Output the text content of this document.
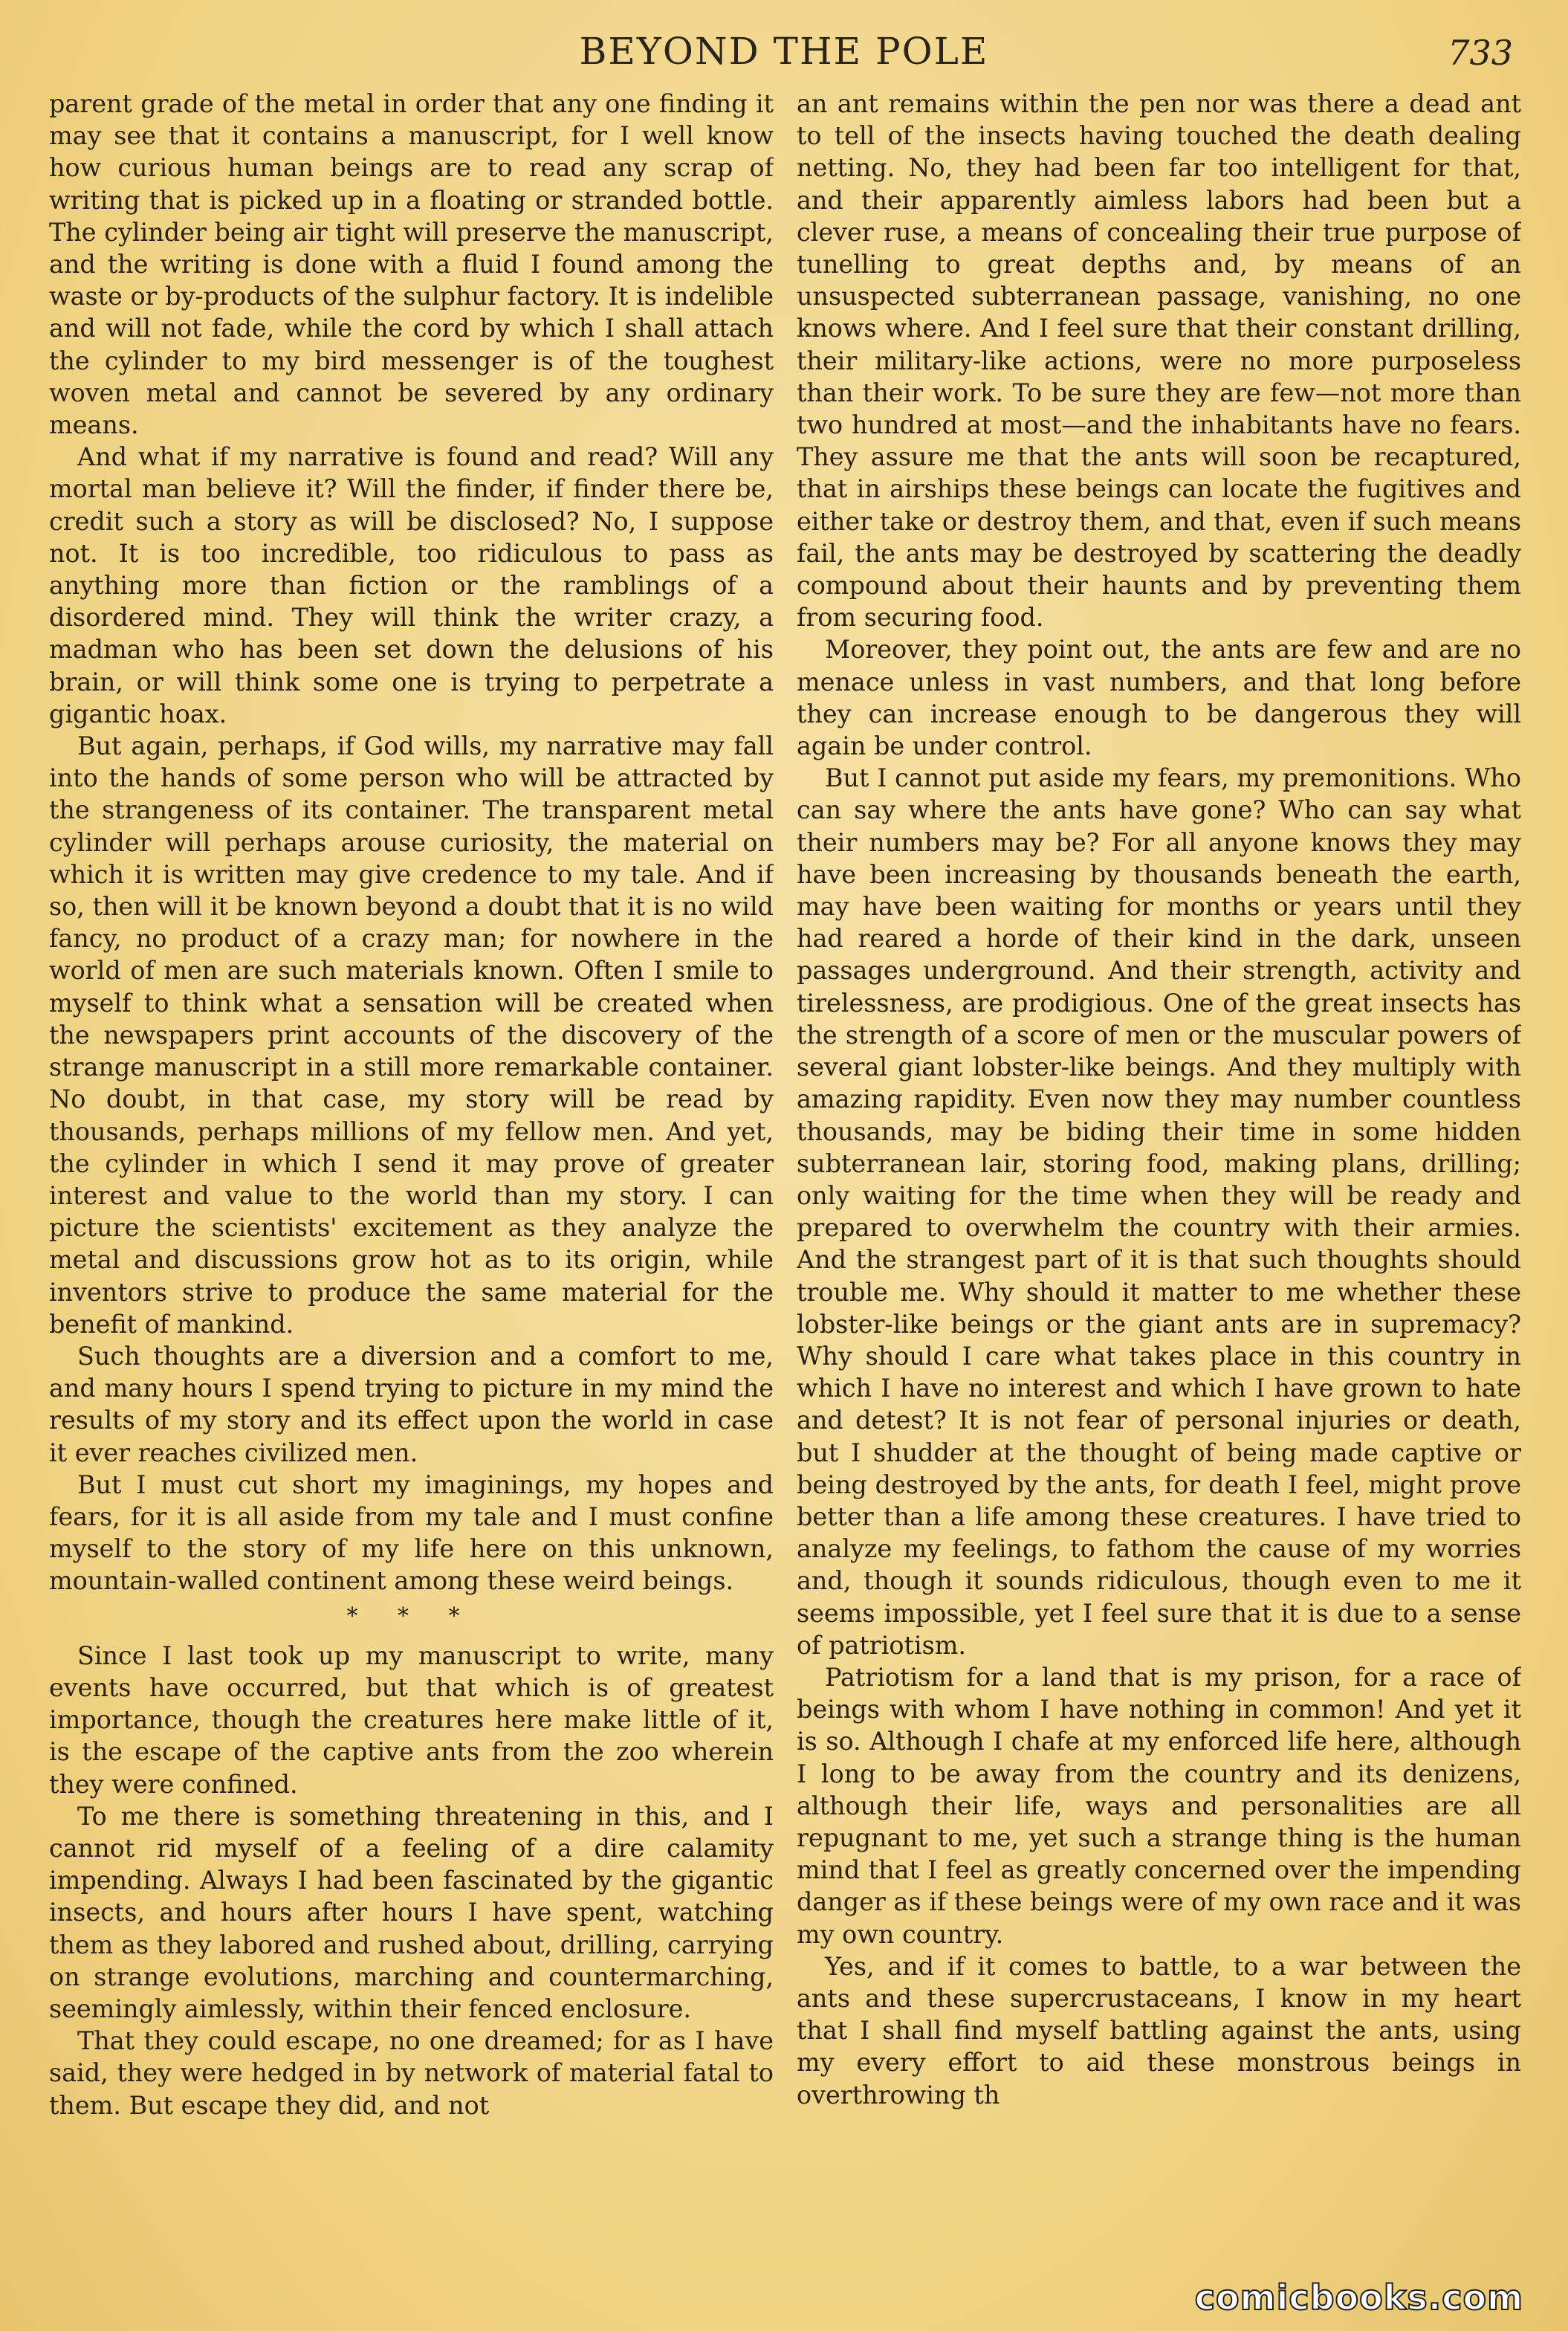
BEYOND THE POLE	733

parent grade of the metal in order that any one finding it may see that it contains a manuscript, for I well know how curious human beings are to read any scrap of writing that is picked up in a floating or stranded bottle. The cylinder being air tight will preserve the manuscript, and the writing is done with a fluid I found among the waste or by-products of the sulphur factory. It is indelible and will not fade, while the cord by which I shall attach the cylinder to my bird messenger is of the toughest woven metal and cannot be severed by any ordinary means.

And what if my narrative is found and read? Will any mortal man believe it? Will the finder, if finder there be, credit such a story as will be disclosed? No, I suppose not. It is too incredible, too ridiculous to pass as anything more than fiction or the ramblings of a disordered mind. They will think the writer crazy, a madman who has been set down the delusions of his brain, or will think some one is trying to perpetrate a gigantic hoax.

But again, perhaps, if God wills, my narrative may fall into the hands of some person who will be attracted by the strangeness of its container. The transparent metal cylinder will perhaps arouse curiosity, the material on which it is written may give credence to my tale. And if so, then will it be known beyond a doubt that it is no wild fancy, no product of a crazy man; for nowhere in the world of men are such materials known. Often I smile to myself to think what a sensation will be created when the newspapers print accounts of the discovery of the strange manuscript in a still more remarkable container. No doubt, in that case, my story will be read by thousands, perhaps millions of my fellow men. And yet, the cylinder in which I send it may prove of greater interest and value to the world than my story. I can picture the scientists' excitement as they analyze the metal and discussions grow hot as to its origin, while inventors strive to produce the same material for the benefit of mankind.

Such thoughts are a diversion and a comfort to me, and many hours I spend trying to picture in my mind the results of my story and its effect upon the world in case it ever reaches civilized men.

But I must cut short my imaginings, my hopes and fears, for it is all aside from my tale and I must confine myself to the story of my life here on this unknown, mountain-walled continent among these weird beings.

* * *

Since I last took up my manuscript to write, many events have occurred, but that which is of greatest importance, though the creatures here make little of it, is the escape of the captive ants from the zoo wherein they were confined.

To me there is something threatening in this, and I cannot rid myself of a feeling of a dire calamity impending. Always I had been fascinated by the gigantic insects, and hours after hours I have spent, watching them as they labored and rushed about, drilling, carrying on strange evolutions, marching and countermarching, seemingly aimlessly, within their fenced enclosure.

That they could escape, no one dreamed; for as I have said, they were hedged in by network of material fatal to them. But escape they did, and not

an ant remains within the pen nor was there a dead ant to tell of the insects having touched the death dealing netting. No, they had been far too intelligent for that, and their apparently aimless labors had been but a clever ruse, a means of concealing their true purpose of tunelling to great depths and, by means of an unsuspected subterranean passage, vanishing, no one knows where. And I feel sure that their constant drilling, their military-like actions, were no more purposeless than their work. To be sure they are few—not more than two hundred at most—and the inhabitants have no fears. They assure me that the ants will soon be recaptured, that in airships these beings can locate the fugitives and either take or destroy them, and that, even if such means fail, the ants may be destroyed by scattering the deadly compound about their haunts and by preventing them from securing food.

Moreover, they point out, the ants are few and are no menace unless in vast numbers, and that long before they can increase enough to be dangerous they will again be under control.

But I cannot put aside my fears, my premonitions. Who can say where the ants have gone? Who can say what their numbers may be? For all anyone knows they may have been increasing by thousands beneath the earth, may have been waiting for months or years until they had reared a horde of their kind in the dark, unseen passages underground. And their strength, activity and tirelessness, are prodigious. One of the great insects has the strength of a score of men or the muscular powers of several giant lobster-like beings. And they multiply with amazing rapidity. Even now they may number countless thousands, may be biding their time in some hidden subterranean lair, storing food, making plans, drilling; only waiting for the time when they will be ready and prepared to overwhelm the country with their armies. And the strangest part of it is that such thoughts should trouble me. Why should it matter to me whether these lobster-like beings or the giant ants are in supremacy? Why should I care what takes place in this country in which I have no interest and which I have grown to hate and detest? It is not fear of personal injuries or death, but I shudder at the thought of being made captive or being destroyed by the ants, for death I feel, might prove better than a life among these creatures. I have tried to analyze my feelings, to fathom the cause of my worries and, though it sounds ridiculous, though even to me it seems impossible, yet I feel sure that it is due to a sense of patriotism.

Patriotism for a land that is my prison, for a race of beings with whom I have nothing in common! And yet it is so. Although I chafe at my enforced life here, although I long to be away from the country and its denizens, although their life, ways and personalities are all repugnant to me, yet such a strange thing is the human mind that I feel as greatly concerned over the impending danger as if these beings were of my own race and it was my own country.

Yes, and if it comes to battle, to a war between the ants and these supercrustaceans, I know in my heart that I shall find myself battling against the ants, using my every effort to aid these monstrous beings in overthrowing th

comicbooks.com
